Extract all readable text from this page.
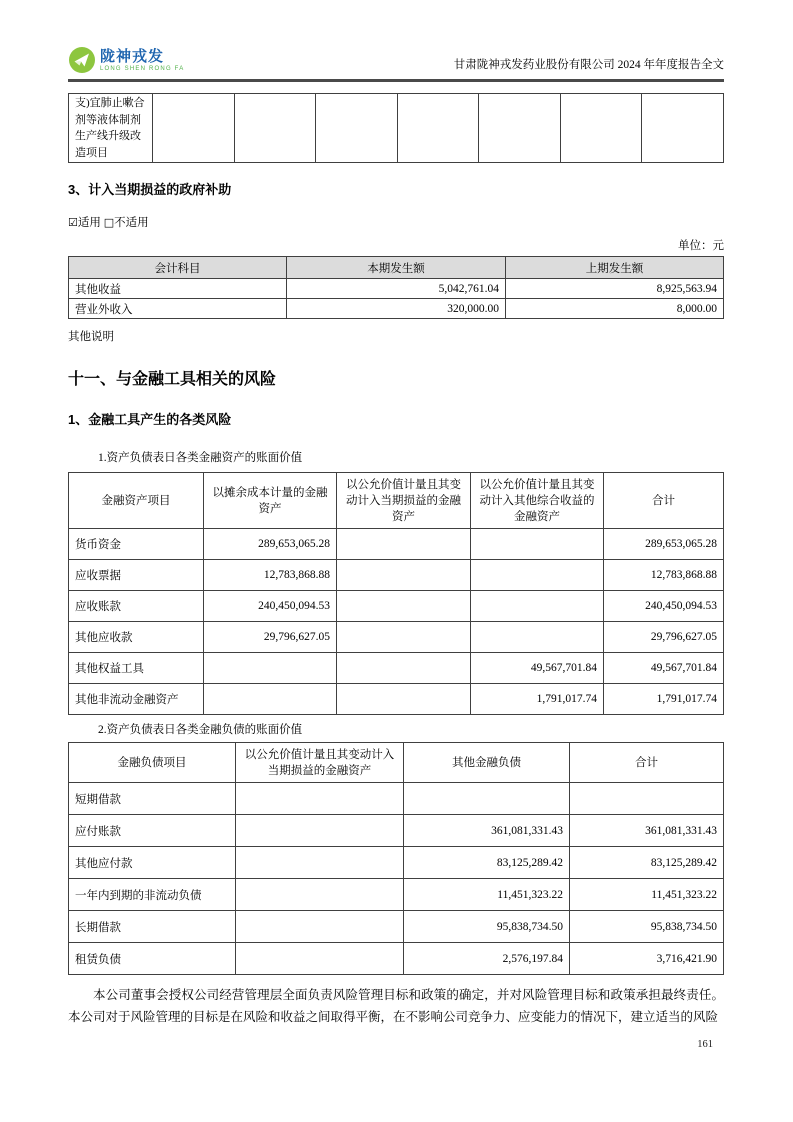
陇神戎发
LONG SHEN RONG FA	甘肃陇神戎发药业股份有限公司 2024 年年度报告全文
支)宜肺止嗽合剂等液体制剂生产线升级改造项目							
3、计入当期损益的政府补助
☑适用 □不适用
单位：元
会计科目	本期发生额	上期发生额
其他收益	5,042,761.04	8,925,563.94
营业外收入	320,000.00	8,000.00
其他说明
十一、与金融工具相关的风险
1、金融工具产生的各类风险
1.资产负债表日各类金融资产的账面价值
金融资产项目	以摊余成本计量的金融资产	以公允价值计量且其变动计入当期损益的金融资产	以公允价值计量且其变动计入其他综合收益的金融资产	合计
货币资金	289,653,065.28			289,653,065.28
应收票据	12,783,868.88			12,783,868.88
应收账款	240,450,094.53			240,450,094.53
其他应收款	29,796,627.05			29,796,627.05
其他权益工具			49,567,701.84	49,567,701.84
其他非流动金融资产			1,791,017.74	1,791,017.74
2.资产负债表日各类金融负债的账面价值
金融负债项目	以公允价值计量且其变动计入当期损益的金融资产	其他金融负债	合计
短期借款			
应付账款		361,081,331.43	361,081,331.43
其他应付款		83,125,289.42	83,125,289.42
一年内到期的非流动负债		11,451,323.22	11,451,323.22
长期借款		95,838,734.50	95,838,734.50
租赁负债		2,576,197.84	3,716,421.90

本公司董事会授权公司经营管理层全面负责风险管理目标和政策的确定，并对风险管理目标和政策承担最终责任。本公司对于风险管理的目标是在风险和收益之间取得平衡，在不影响公司竞争力、应变能力的情况下，建立适当的风险

161
